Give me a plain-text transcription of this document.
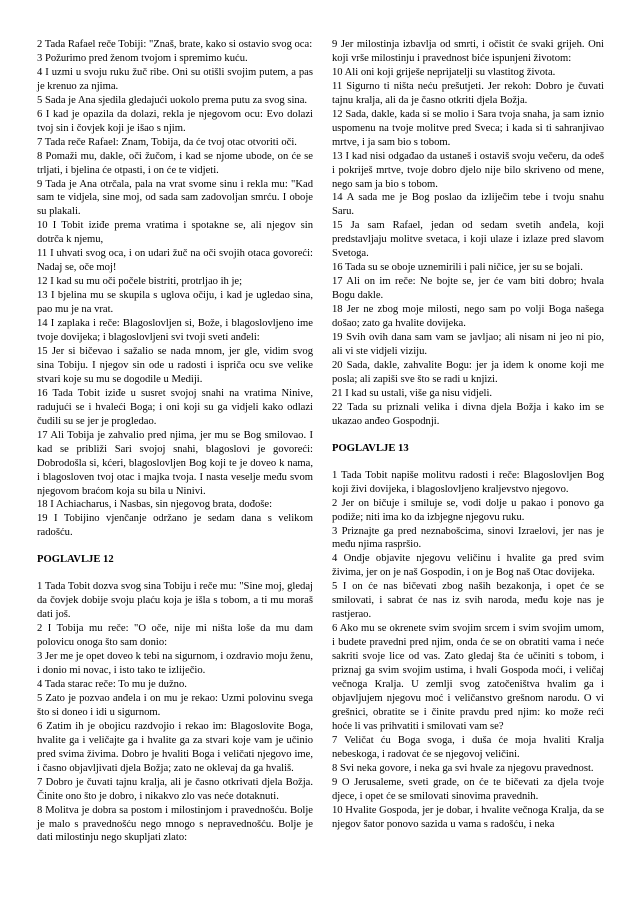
2 Tada Rafael reče Tobiji: "Znaš, brate, kako si ostavio svog oca:

3 Požurimo pred ženom tvojom i spremimo kuću.

4 I uzmi u svoju ruku žuč ribe. Oni su otišli svojim putem, a pas je krenuo za njima.

5 Sada je Ana sjedila gledajući uokolo prema putu za svog sina.

6 I kad je opazila da dolazi, rekla je njegovom ocu: Evo dolazi tvoj sin i čovjek koji je išao s njim.

7 Tada reče Rafael: Znam, Tobija, da će tvoj otac otvoriti oči.

8 Pomaži mu, dakle, oči žučom, i kad se njome ubode, on će se trljati, i bjelina će otpasti, i on će te vidjeti.

9 Tada je Ana otrčala, pala na vrat svome sinu i rekla mu: "Kad sam te vidjela, sine moj, od sada sam zadovoljan smrću. I oboje su plakali.

10 I Tobit iziđe prema vratima i spotakne se, ali njegov sin dotrča k njemu,

11 I uhvati svog oca, i on udari žuč na oči svojih otaca govoreći: Nadaj se, oče moj!

12 I kad su mu oči počele bistriti, protrljao ih je;

13 I bjelina mu se skupila s uglova očiju, i kad je ugledao sina, pao mu je na vrat.

14 I zaplaka i reče: Blagoslovljen si, Bože, i blagoslovljeno ime tvoje dovijeka; i blagoslovljeni svi tvoji sveti anđeli:

15 Jer si bičevao i sažalio se nada mnom, jer gle, vidim svog sina Tobiju. I njegov sin ode u radosti i ispriča ocu sve velike stvari koje su mu se dogodile u Mediji.

16 Tada Tobit iziđe u susret svojoj snahi na vratima Ninive, radujući se i hvaleći Boga; i oni koji su ga vidjeli kako odlazi čudili su se jer je progledao.

17 Ali Tobija je zahvalio pred njima, jer mu se Bog smilovao. I kad se približi Sari svojoj snahi, blagoslovi je govoreći: Dobrodošla si, kćeri, blagoslovljen Bog koji te je doveo k nama, i blagosloven tvoj otac i majka tvoja. I nasta veselje među svom njegovom braćom koja su bila u Ninivi.

18 I Achiacharus, i Nasbas, sin njegovog brata, dođoše:

19 I Tobijino vjenčanje održano je sedam dana s velikom radošću.

POGLAVLJE 12

1 Tada Tobit dozva svog sina Tobiju i reče mu: "Sine moj, gledaj da čovjek dobije svoju plaću koja je išla s tobom, a ti mu moraš dati još.

2 I Tobija mu reče: "O oče, nije mi ništa loše da mu dam polovicu onoga što sam donio:

3 Jer me je opet doveo k tebi na sigurnom, i ozdravio moju ženu, i donio mi novac, i isto tako te izliječio.

4 Tada starac reče: To mu je dužno.

5 Zato je pozvao anđela i on mu je rekao: Uzmi polovinu svega što si doneo i idi u sigurnom.

6 Zatim ih je obojicu razdvojio i rekao im: Blagoslovite Boga, hvalite ga i veličajte ga i hvalite ga za stvari koje vam je učinio pred svima živima. Dobro je hvaliti Boga i veličati njegovo ime, i časno objavljivati djela Božja; zato ne oklevaj da ga hvališ.

7 Dobro je čuvati tajnu kralja, ali je časno otkrivati djela Božja. Činite ono što je dobro, i nikakvo zlo vas neće dotaknuti.

8 Molitva je dobra sa postom i milostinjom i pravednošću. Bolje je malo s pravednošću nego mnogo s nepravednošću. Bolje je dati milostinju nego skupljati zlato:

9 Jer milostinja izbavlja od smrti, i očistit će svaki grijeh. Oni koji vrše milostinju i pravednost biće ispunjeni životom:

10 Ali oni koji griješe neprijatelji su vlastitog života.

11 Sigurno ti ništa neću prešutjeti. Jer rekoh: Dobro je čuvati tajnu kralja, ali da je časno otkriti djela Božja.

12 Sada, dakle, kada si se molio i Sara tvoja snaha, ja sam iznio uspomenu na tvoje molitve pred Sveca; i kada si ti sahranjivao mrtve, i ja sam bio s tobom.

13 I kad nisi odgađao da ustaneš i ostaviš svoju večeru, da odeš i pokriješ mrtve, tvoje dobro djelo nije bilo skriveno od mene, nego sam ja bio s tobom.

14 A sada me je Bog poslao da izliječim tebe i tvoju snahu Saru.

15 Ja sam Rafael, jedan od sedam svetih anđela, koji predstavljaju molitve svetaca, i koji ulaze i izlaze pred slavom Svetoga.

16 Tada su se oboje uznemirili i pali ničice, jer su se bojali.

17 Ali on im reče: Ne bojte se, jer će vam biti dobro; hvala Bogu dakle.

18 Jer ne zbog moje milosti, nego sam po volji Boga našega došao; zato ga hvalite dovijeka.

19 Svih ovih dana sam vam se javljao; ali nisam ni jeo ni pio, ali vi ste vidjeli viziju.

20 Sada, dakle, zahvalite Bogu: jer ja idem k onome koji me posla; ali zapiši sve što se radi u knjizi.

21 I kad su ustali, više ga nisu vidjeli.

22 Tada su priznali velika i divna djela Božja i kako im se ukazao anđeo Gospodnji.

POGLAVLJE 13

1 Tada Tobit napiše molitvu radosti i reče: Blagoslovljen Bog koji živi dovijeka, i blagoslovljeno kraljevstvo njegovo.

2 Jer on bičuje i smiluje se, vodi dolje u pakao i ponovo ga podiže; niti ima ko da izbjegne njegovu ruku.

3 Priznajte ga pred neznabošcima, sinovi Izraelovi, jer nas je među njima raspršio.

4 Ondje objavite njegovu veličinu i hvalite ga pred svim živima, jer on je naš Gospodin, i on je Bog naš Otac dovijeka.

5 I on će nas bičevati zbog naših bezakonja, i opet će se smilovati, i sabrat će nas iz svih naroda, među koje nas je rastjerao.

6 Ako mu se okrenete svim svojim srcem i svim svojim umom, i budete pravedni pred njim, onda će se on obratiti vama i neće sakriti svoje lice od vas. Zato gledaj šta će učiniti s tobom, i priznaj ga svim svojim ustima, i hvali Gospoda moći, i veličaj večnoga Kralja. U zemlji svog zatočeništva hvalim ga i objavljujem njegovu moć i veličanstvo grešnom narodu. O vi grešnici, obratite se i činite pravdu pred njim: ko može reći hoće li vas prihvatiti i smilovati vam se?

7 Veličat ću Boga svoga, i duša će moja hvaliti Kralja nebeskoga, i radovat će se njegovoj veličini.

8 Svi neka govore, i neka ga svi hvale za njegovu pravednost.

9 O Jerusaleme, sveti grade, on će te bičevati za djela tvoje djece, i opet će se smilovati sinovima pravednih.

10 Hvalite Gospoda, jer je dobar, i hvalite večnoga Kralja, da se njegov šator ponovo sazida u vama s radošću, i neka
